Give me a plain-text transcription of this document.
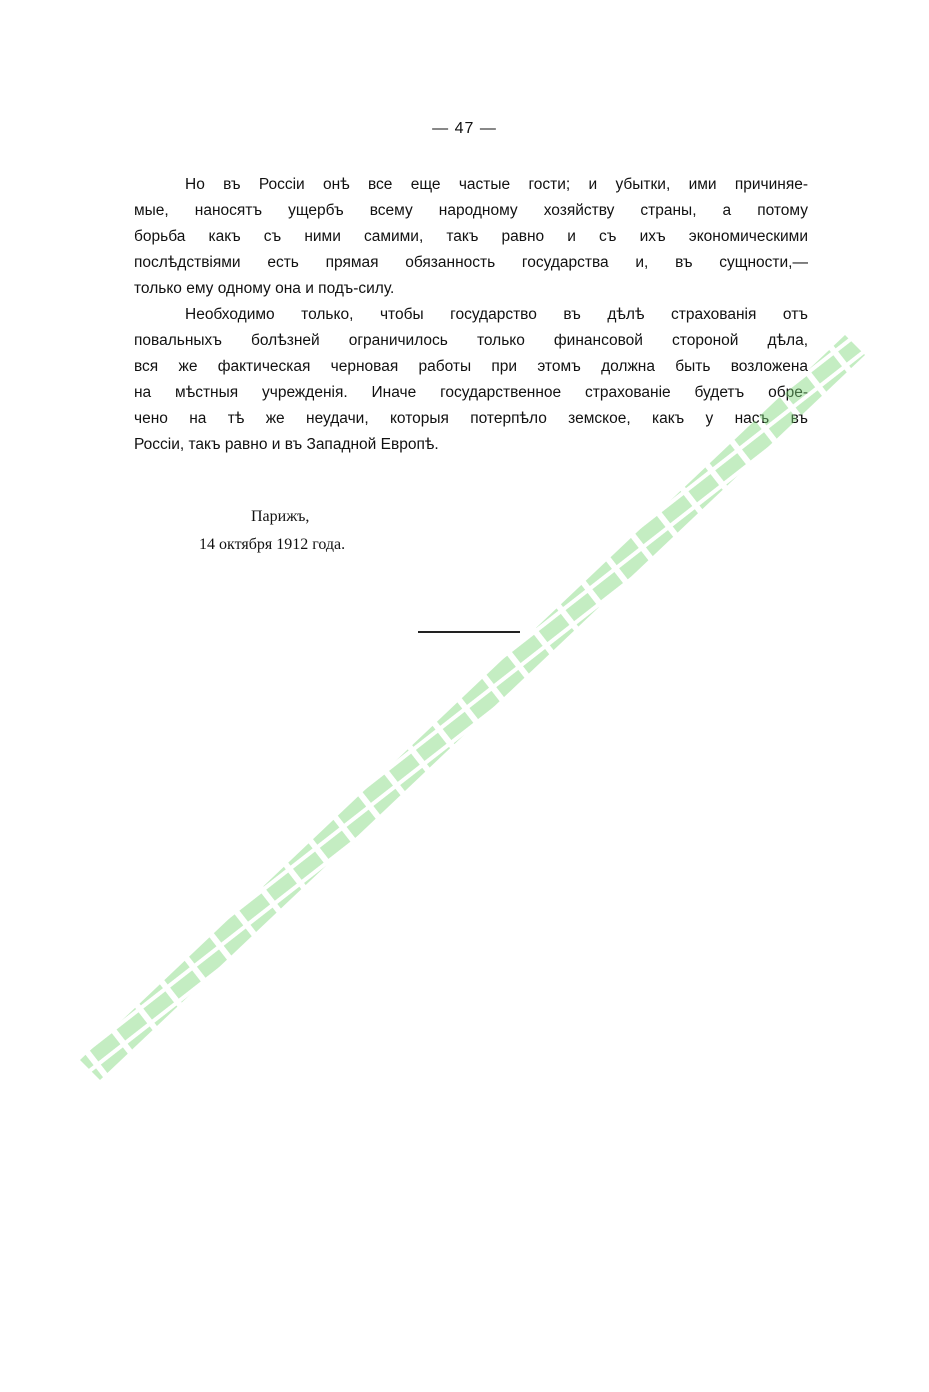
— 47 —

Но въ Россіи онѣ все еще частые гости; и убытки, ими причиняе-
мые, наносятъ ущербъ всему народному хозяйству страны, а потому
борьба какъ съ ними самими, такъ равно и съ ихъ экономическими
послѣдствіями есть прямая обязанность государства и, въ сущности,—
только ему одному она и подъ-силу.

Необходимо только, чтобы государство въ дѣлѣ страхованія отъ
повальныхъ болѣзней ограничилось только финансовой стороной дѣла,
вся же фактическая черновая работы при этомъ должна быть возложена
на мѣстныя учрежденія. Иначе государственное страхованіе будетъ обре-
чено на тѣ же неудачи, которыя потерпѣло земское, какъ у насъ въ
Россіи, такъ равно и въ Западной Европѣ.

Парижъ,
14 октября 1912 года.
